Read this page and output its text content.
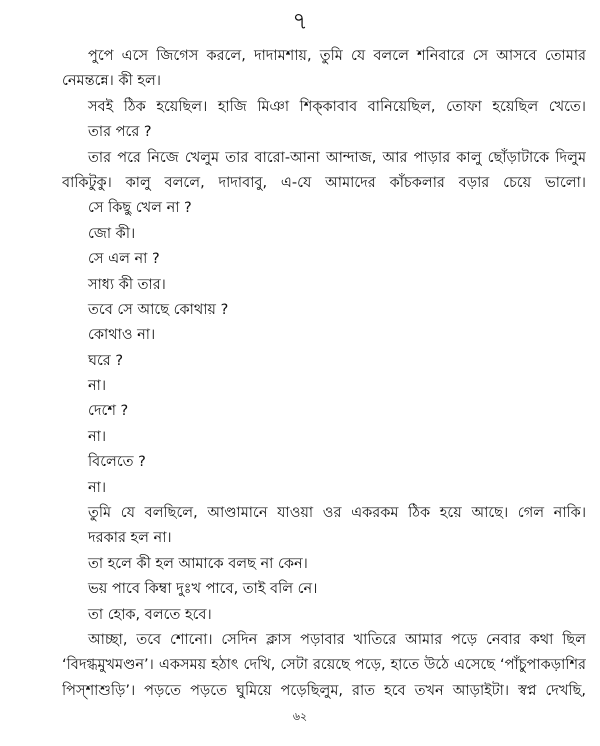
৭
পুপে এসে জিগেস করলে, দাদামশায়, তুমি যে বললে শনিবারে সে আসবে তোমার
নেমন্তন্নে। কী হল।
সবই ঠিক হয়েছিল। হাজি মিঞা শিক্‌কাবাব বানিয়েছিল, তোফা হয়েছিল খেতে।
তার পরে ?
তার পরে নিজে খেলুম তার বারো-আনা আন্দাজ, আর পাড়ার কালু ছোঁড়াটাকে দিলুম
বাকিটুকু। কালু বললে, দাদাবাবু, এ-যে আমাদের কাঁচকলার বড়ার চেয়ে ভালো।
সে কিছু খেল না ?
জো কী।
সে এল না ?
সাধ্য কী তার।
তবে সে আছে কোথায় ?
কোথাও না।
ঘরে ?
না।
দেশে ?
না।
বিলেতে ?
না।
তুমি যে বলছিলে, আণ্ডামানে যাওয়া ওর একরকম ঠিক হয়ে আছে। গেল নাকি।
দরকার হল না।
তা হলে কী হল আমাকে বলছ না কেন।
ভয় পাবে কিম্বা দুঃখ পাবে, তাই বলি নে।
তা হোক, বলতে হবে।
আচ্ছা, তবে শোনো। সেদিন ক্লাস পড়াবার খাতিরে আমার পড়ে নেবার কথা ছিল
‘বিদগ্ধমুখমণ্ডন’। একসময় হঠাৎ দেখি, সেটা রয়েছে পড়ে, হাতে উঠে এসেছে ‘পাঁচুপাকড়াশির
পিস্‌শাশুড়ি’। পড়তে পড়তে ঘুমিয়ে পড়েছিলুম, রাত হবে তখন আড়াইটা। স্বপ্ন দেখছি,
৬২
